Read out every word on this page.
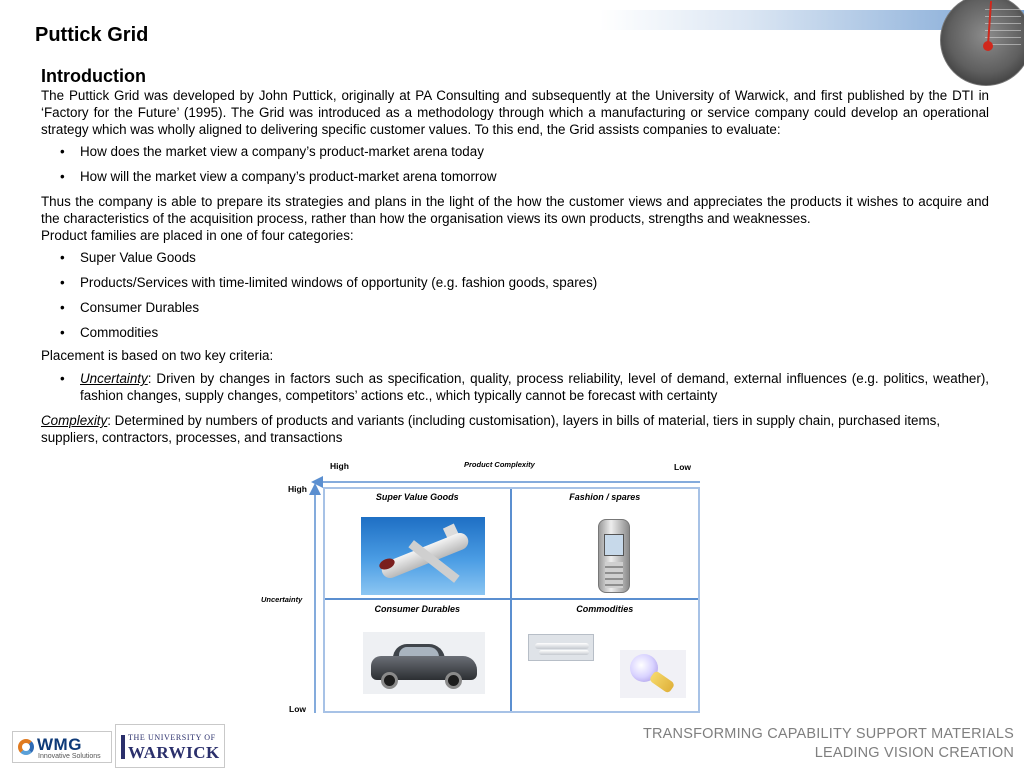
Puttick Grid
Introduction

The Puttick Grid was developed by John Puttick, originally at PA Consulting and subsequently at the University of Warwick, and first published by the DTI in ‘Factory for the Future’ (1995). The Grid was introduced as a methodology through which a manufacturing or service company could develop an operational strategy which was wholly aligned to delivering specific customer values. To this end, the Grid assists companies to evaluate:

• How does the market view a company’s product-market arena today
• How will the market view a company’s product-market arena tomorrow

Thus the company is able to prepare its strategies and plans in the light of the how the customer views and appreciates the products it wishes to acquire and the characteristics of the acquisition process, rather than how the organisation views its own products, strengths and weaknesses.

Product families are placed in one of four categories:

• Super Value Goods
• Products/Services with time-limited windows of opportunity (e.g. fashion goods, spares)
• Consumer Durables
• Commodities

Placement is based on two key criteria:

• Uncertainty: Driven by changes in factors such as specification, quality, process reliability, level of demand, external influences (e.g. politics, weather), fashion changes, supply changes, competitors’ actions etc., which typically cannot be forecast with certainty

Complexity: Determined by numbers of products and variants (including customisation), layers in bills of material, tiers in supply chain, purchased items, suppliers, contractors, processes, and transactions

High	Product Complexity	Low
High
Uncertainty
Low
Super Value Goods	Fashion / spares
Consumer Durables	Commodities
WMG
Innovative Solutions
THE UNIVERSITY OF
WARWICK
TRANSFORMING CAPABILITY SUPPORT MATERIALS
LEADING VISION CREATION
